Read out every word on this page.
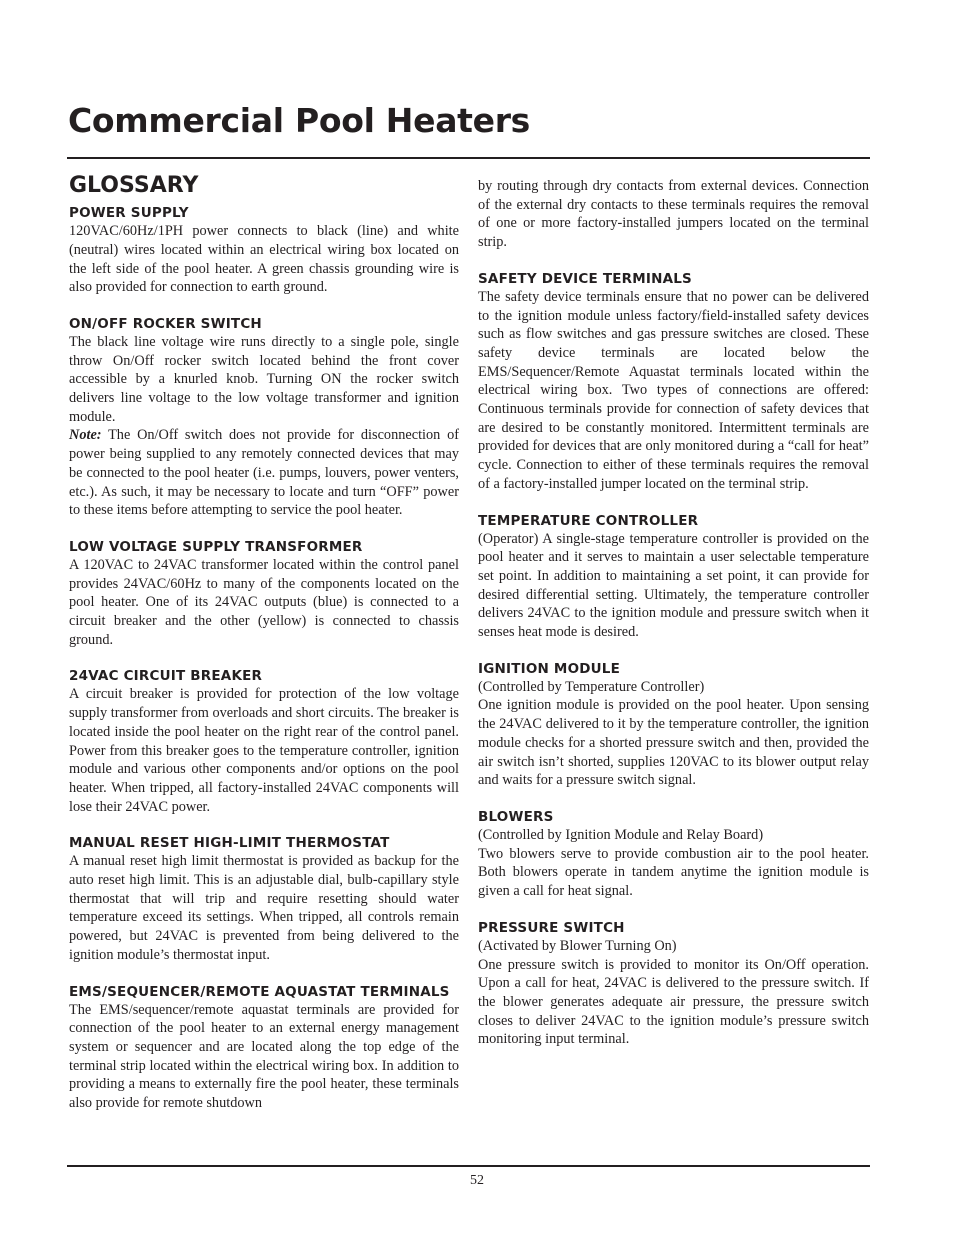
Commercial Pool Heaters
GLOSSARY
POWER SUPPLY

120VAC/60Hz/1PH power connects to black (line) and white (neutral) wires located within an electrical wiring box located on the left side of the pool heater. A green chassis grounding wire is also provided for connection to earth ground.

ON/OFF ROCKER SWITCH

The black line voltage wire runs directly to a single pole, single throw On/Off rocker switch located behind the front cover accessible by a knurled knob. Turning ON the rocker switch delivers line voltage to the low voltage transformer and ignition module.

Note: The On/Off switch does not provide for disconnection of power being supplied to any remotely connected devices that may be connected to the pool heater (i.e. pumps, louvers, power venters, etc.). As such, it may be necessary to locate and turn “OFF” power to these items before attempting to service the pool heater.

LOW VOLTAGE SUPPLY TRANSFORMER

A 120VAC to 24VAC transformer located within the control panel provides 24VAC/60Hz to many of the components located on the pool heater. One of its 24VAC outputs (blue) is connected to a circuit breaker and the other (yellow) is connected to chassis ground.

24VAC CIRCUIT BREAKER

A circuit breaker is provided for protection of the low voltage supply transformer from overloads and short circuits. The breaker is located inside the pool heater on the right rear of the control panel. Power from this breaker goes to the temperature controller, ignition module and various other components and/or options on the pool heater. When tripped, all factory-installed 24VAC components will lose their 24VAC power.

MANUAL RESET HIGH-LIMIT THERMOSTAT

A manual reset high limit thermostat is provided as backup for the auto reset high limit. This is an adjustable dial, bulb-capillary style thermostat that will trip and require resetting should water temperature exceed its settings. When tripped, all controls remain powered, but 24VAC is prevented from being delivered to the ignition module’s thermostat input.

EMS/SEQUENCER/REMOTE AQUASTAT TERMINALS

The EMS/sequencer/remote aquastat terminals are provided for connection of the pool heater to an external energy management system or sequencer and are located along the top edge of the terminal strip located within the electrical wiring box. In addition to providing a means to externally fire the pool heater, these terminals also provide for remote shutdown

by routing through dry contacts from external devices. Connection of the external dry contacts to these terminals requires the removal of one or more factory-installed jumpers located on the terminal strip.

SAFETY DEVICE TERMINALS

The safety device terminals ensure that no power can be delivered to the ignition module unless factory/field-installed safety devices such as flow switches and gas pressure switches are closed. These safety device terminals are located below the EMS/Sequencer/Remote Aquastat terminals located within the electrical wiring box. Two types of connections are offered: Continuous terminals provide for connection of safety devices that are desired to be constantly monitored. Intermittent terminals are provided for devices that are only monitored during a “call for heat” cycle. Connection to either of these terminals requires the removal of a factory-installed jumper located on the terminal strip.

TEMPERATURE CONTROLLER

(Operator) A single-stage temperature controller is provided on the pool heater and it serves to maintain a user selectable temperature set point. In addition to maintaining a set point, it can provide for desired differential setting. Ultimately, the temperature controller delivers 24VAC to the ignition module and pressure switch when it senses heat mode is desired.

IGNITION MODULE

(Controlled by Temperature Controller)

One ignition module is provided on the pool heater. Upon sensing the 24VAC delivered to it by the temperature controller, the ignition module checks for a shorted pressure switch and then, provided the air switch isn’t shorted, supplies 120VAC to its blower output relay and waits for a pressure switch signal.

BLOWERS

(Controlled by Ignition Module and Relay Board)

Two blowers serve to provide combustion air to the pool heater. Both blowers operate in tandem anytime the ignition module is given a call for heat signal.

PRESSURE SWITCH

(Activated by Blower Turning On)

One pressure switch is provided to monitor its On/Off operation. Upon a call for heat, 24VAC is delivered to the pressure switch. If the blower generates adequate air pressure, the pressure switch closes to deliver 24VAC to the ignition module’s pressure switch monitoring input terminal.

52
